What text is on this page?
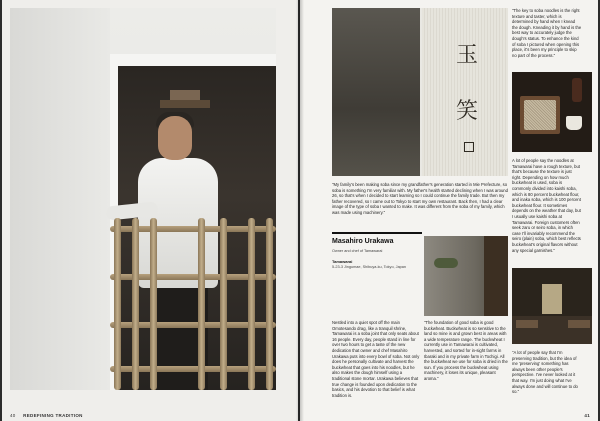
40 REDEFINING TRADITION
玉
笑

"The key to soba noodles is the right texture and taster, which is determined by hand when I knead the dough. Kneading it by hand is the best way to accurately judge the dough's status. To enhance the kind of soba I pictured when opening this place, it's been my principle to skip no part of the process."

A lot of people say the noodles at Tamawarai have a rough texture, but that's because the texture is just right. Depending on how much buckwheat is used, soba is commonly divided into kaishi soba, which is 80 percent buckwheat flour, and inaka soba, which is 100 percent buckwheat flour. It sometimes depends on the weather that day, but I usually use kaishi soba at Tamawarai. Foreign customers often seek zaru or seiro soba, in which case I'll invariably recommend the seiro (plain) soba, which best reflects buckwheat's original flavors without any special garnishes."

"My family's been making soba since my grandfather's generation started in Mie Prefecture, so soba is something I'm very familiar with. My father's health started declining when I was around 26, so that's when I decided to start learning so I could continue the family trade. But then my father recovered, so I came out to Tokyo to start my own restaurant. Back then, I had a clear image of the type of soba I wanted to make. It was different from the soba of my family, which was made using machinery."

Masahiro Urakawa
Owner and chef of Tamawarai
Tamawarai
5-23-3 Jingumae, Shibuya-ku, Tokyo, Japan

Nestled into a quiet spot off the main Omotesando drag, like a tranquil shrine, Tamawarai is a soba joint that only seats about 16 people. Every day, people stand in line for over two hours to get a taste of the new dedication that owner and chef Masahiro Urakawa puts into every bowl of soba. Not only does he personally cultivate and harvest the buckwheat that goes into his noodles, but he also makes the dough himself using a traditional stone mortar. Urakawa believes that true change is founded upon dedication to the basics, and his devotion to that belief is what tradition is.

"The foundation of good soba is good buckwheat. Buckwheat is so sensitive to the land so mine is and grown best in areas with a wide temperature range. The buckwheat I currently use in Tamawarai is cultivated, harvested, and sorted for in-sight farms in Ibaraki and in my private farm in Tochigi. All the buckwheat we use for soba is dried in the sun. If you process the buckwheat using machinery, it loses its unique, pleasant aroma."

"A lot of people say that I'm preserving tradition, but the idea of me 'preserving' something has always been other people's perspective. I've never looked at it that way. I'm just doing what I've always done and will continue to do so."

41
